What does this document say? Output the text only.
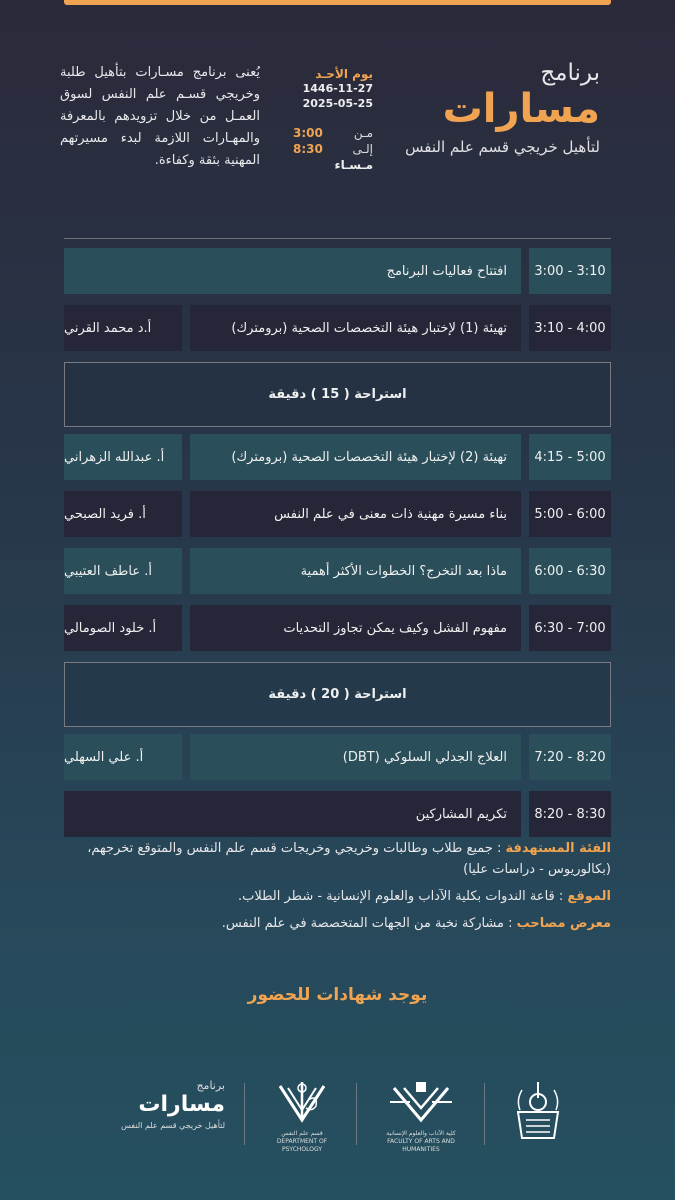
برنامج
مسارات
لتأهيل خريجي قسم علم النفس
يوم الأحـد
1446-11-27
2025-05-25
مـن
3:00
إلـى
8:30
مـسـاء

يُعنى برنامج مسـارات بتأهيل طلبة وخريجي قسـم علم النفس لسوق العمـل من خلال تزويدهم بالمعرفة والمهـارات اللازمة لبدء مسيرتهم المهنية بثقة وكفاءة.

افتتاح فعاليات البرنامج	3:00 - 3:10
أ.د محمد القرني	تهيئة (1) لإختبار هيئة التخصصات الصحية (برومترك)	3:10 - 4:00
استراحة ( 15 ) دقيقة
أ. عبدالله الزهراني	تهيئة (2) لإختبار هيئة التخصصات الصحية (برومترك)	4:15 - 5:00
أ. فريد الصبحي	بناء مسيرة مهنية ذات معنى في علم النفس	5:00 - 6:00
أ. عاطف العتيبي	ماذا بعد التخرج؟ الخطوات الأكثر أهمية	6:00 - 6:30
أ. خلود الصومالي	مفهوم الفشل وكيف يمكن تجاوز التحديات	6:30 - 7:00
استراحة ( 20 ) دقيقة
أ. علي السهلي	العلاج الجدلي السلوكي (DBT)	7:20 - 8:20
تكريم المشاركين	8:20 - 8:30

الفئة المستهدفة : جميع طلاب وطالبات وخريجي وخريجات قسم علم النفس والمتوقع تخرجهم، (بكالوريوس - دراسات عليا)

الموقع : قاعة الندوات بكلية الآداب والعلوم الإنسانية - شطر الطلاب.

معرض مصاحب : مشاركة نخبة من الجهات المتخصصة في علم النفس.

يوجد شهادات للحضور
برنامج
مسارات
لتأهيل خريجي قسم علم النفس
قسم علم النفس
DEPARTMENT OF PSYCHOLOGY
كلية الآداب والعلوم الإنسانية
FACULTY OF ARTS AND HUMANITIES
